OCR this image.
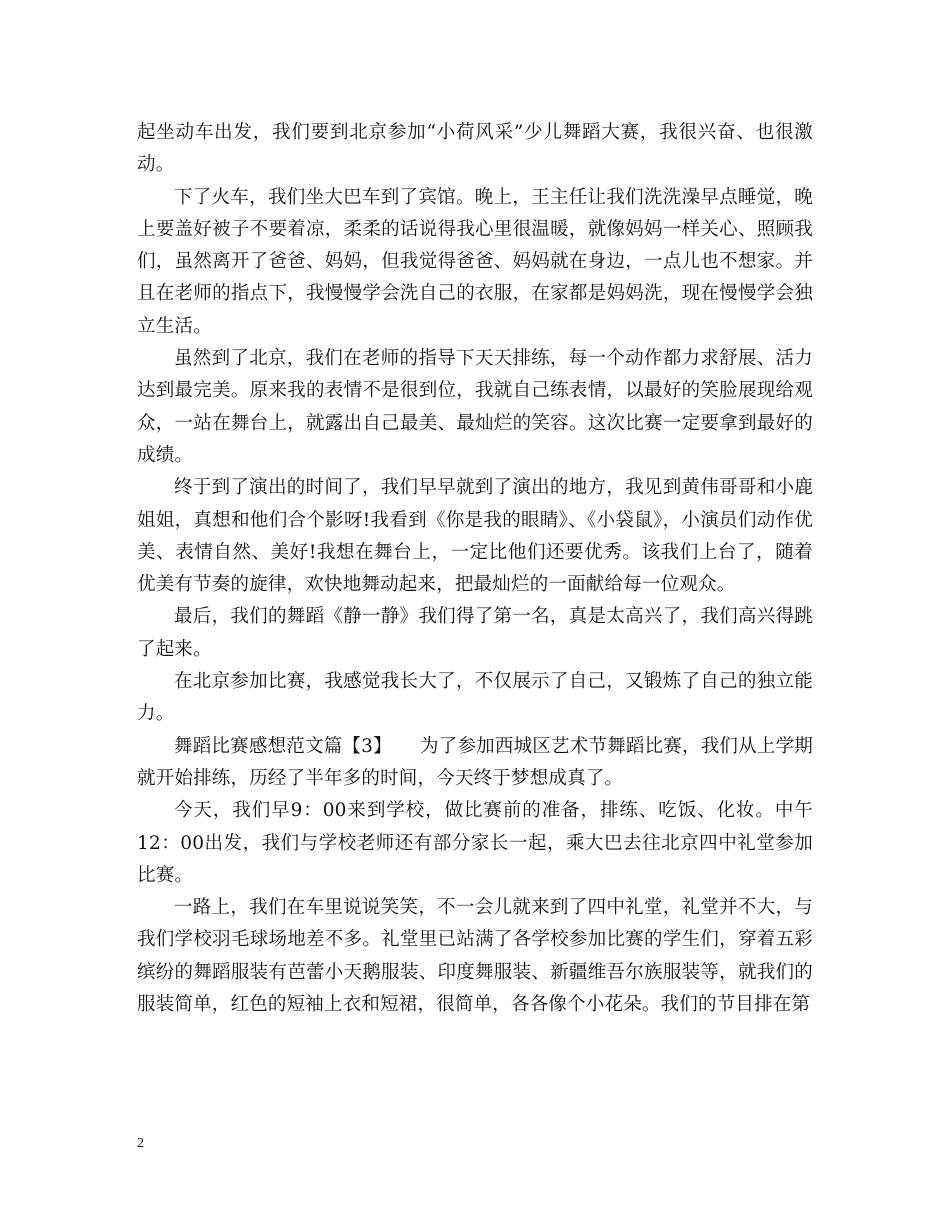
起坐动车出发，我们要到北京参加“小荷风采”少儿舞蹈大赛，我很兴奋、也很激动。

下了火车，我们坐大巴车到了宾馆。晚上，王主任让我们洗洗澡早点睡觉，晚上要盖好被子不要着凉，柔柔的话说得我心里很温暖，就像妈妈一样关心、照顾我们，虽然离开了爸爸、妈妈，但我觉得爸爸、妈妈就在身边，一点儿也不想家。并且在老师的指点下，我慢慢学会洗自己的衣服，在家都是妈妈洗，现在慢慢学会独立生活。

虽然到了北京，我们在老师的指导下天天排练，每一个动作都力求舒展、活力达到最完美。原来我的表情不是很到位，我就自己练表情，以最好的笑脸展现给观众，一站在舞台上，就露出自己最美、最灿烂的笑容。这次比赛一定要拿到最好的成绩。

终于到了演出的时间了，我们早早就到了演出的地方，我见到黄伟哥哥和小鹿姐姐，真想和他们合个影呀!我看到《你是我的眼睛》、《小袋鼠》，小演员们动作优美、表情自然、美好!我想在舞台上，一定比他们还要优秀。该我们上台了，随着优美有节奏的旋律，欢快地舞动起来，把最灿烂的一面献给每一位观众。

最后，我们的舞蹈《静一静》我们得了第一名，真是太高兴了，我们高兴得跳了起来。

在北京参加比赛，我感觉我长大了，不仅展示了自己，又锻炼了自己的独立能力。

舞蹈比赛感想范文篇【3】　　为了参加西城区艺术节舞蹈比赛，我们从上学期就开始排练，历经了半年多的时间，今天终于梦想成真了。

今天，我们早9：00来到学校，做比赛前的准备，排练、吃饭、化妆。中午12：00出发，我们与学校老师还有部分家长一起，乘大巴去往北京四中礼堂参加比赛。

一路上，我们在车里说说笑笑，不一会儿就来到了四中礼堂，礼堂并不大，与我们学校羽毛球场地差不多。礼堂里已站满了各学校参加比赛的学生们，穿着五彩缤纷的舞蹈服装有芭蕾小天鹅服装、印度舞服装、新疆维吾尔族服装等，就我们的服装简单，红色的短袖上衣和短裙，很简单，各各像个小花朵。我们的节目排在第

2
